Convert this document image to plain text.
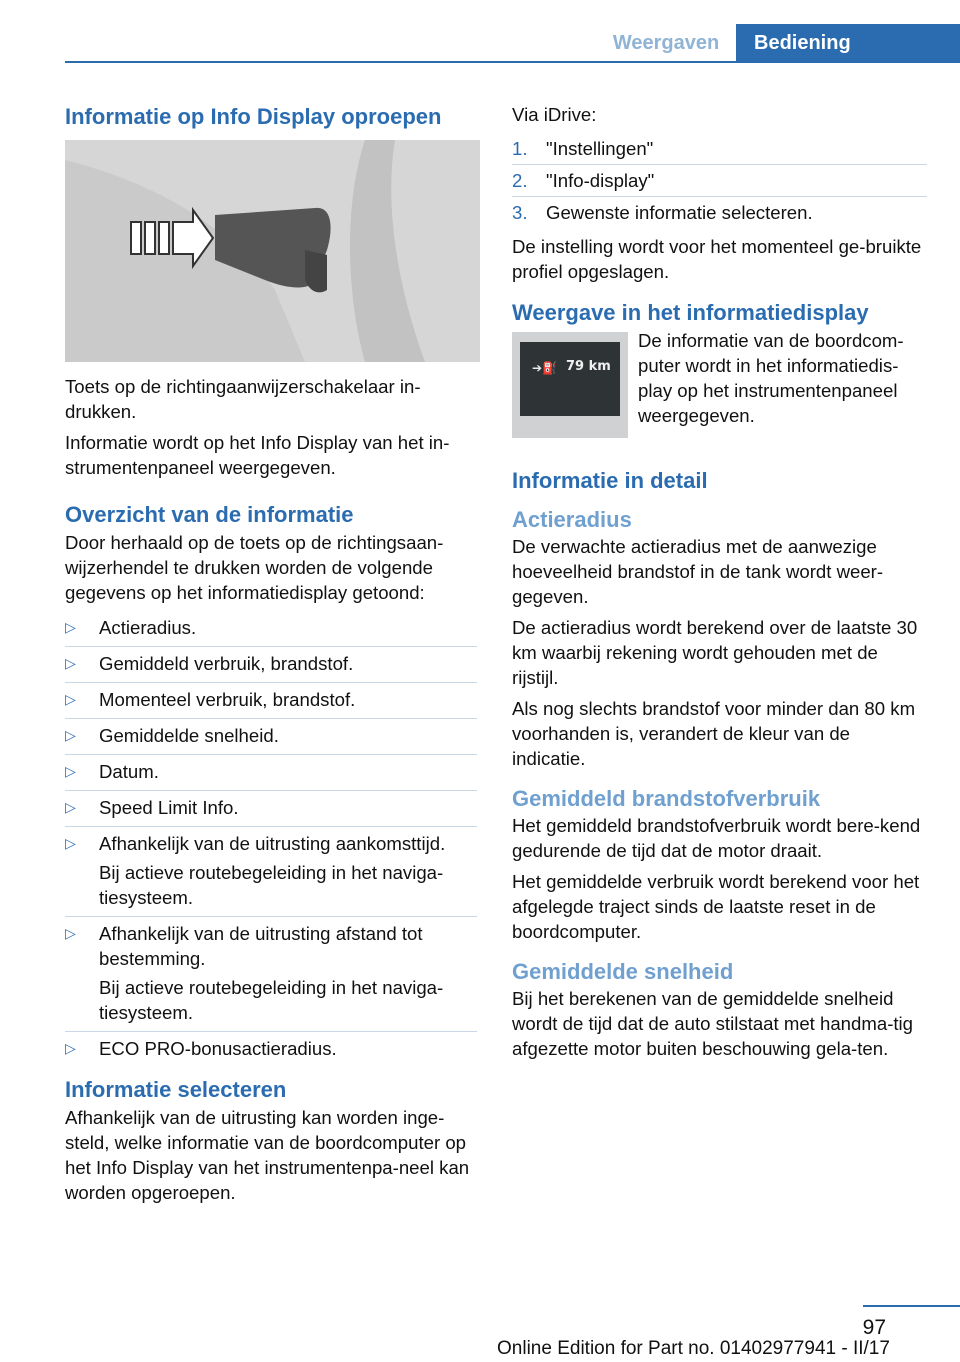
Weergaven	Bediening
Informatie op Info Display oproepen

Toets op de richtingaanwijzerschakelaar in-drukken.

Informatie wordt op het Info Display van het in-strumentenpaneel weergegeven.

Overzicht van de informatie

Door herhaald op de toets op de richtingsaan-wijzerhendel te drukken worden de volgende gegevens op het informatiedisplay getoond:

▷ Actieradius.
▷ Gemiddeld verbruik, brandstof.
▷ Momenteel verbruik, brandstof.
▷ Gemiddelde snelheid.
▷ Datum.
▷ Speed Limit Info.
▷ Afhankelijk van de uitrusting aankomsttijd.
Bij actieve routebegeleiding in het naviga-tiesysteem.
▷ Afhankelijk van de uitrusting afstand tot bestemming.
Bij actieve routebegeleiding in het naviga-tiesysteem.
▷ ECO PRO-bonusactieradius.
Informatie selecteren

Afhankelijk van de uitrusting kan worden inge-steld, welke informatie van de boordcomputer op het Info Display van het instrumentenpa-neel kan worden opgeroepen.

Via iDrive:

1. "Instellingen"
2. "Info-display"
3. Gewenste informatie selecteren.

De instelling wordt voor het momenteel ge-bruikte profiel opgeslagen.

Weergave in het informatiedisplay
➔⛽ 79 km

De informatie van de boordcom-puter wordt in het informatiedis-play op het instrumentenpaneel weergegeven.

Informatie in detail
Actieradius

De verwachte actieradius met de aanwezige hoeveelheid brandstof in de tank wordt weer-gegeven.

De actieradius wordt berekend over de laatste 30 km waarbij rekening wordt gehouden met de rijstijl.

Als nog slechts brandstof voor minder dan 80 km voorhanden is, verandert de kleur van de indicatie.

Gemiddeld brandstofverbruik

Het gemiddeld brandstofverbruik wordt bere-kend gedurende de tijd dat de motor draait.

Het gemiddelde verbruik wordt berekend voor het afgelegde traject sinds de laatste reset in de boordcomputer.

Gemiddelde snelheid

Bij het berekenen van de gemiddelde snelheid wordt de tijd dat de auto stilstaat met handma-tig afgezette motor buiten beschouwing gela-ten.

97
Online Edition for Part no. 01402977941 - II/17
